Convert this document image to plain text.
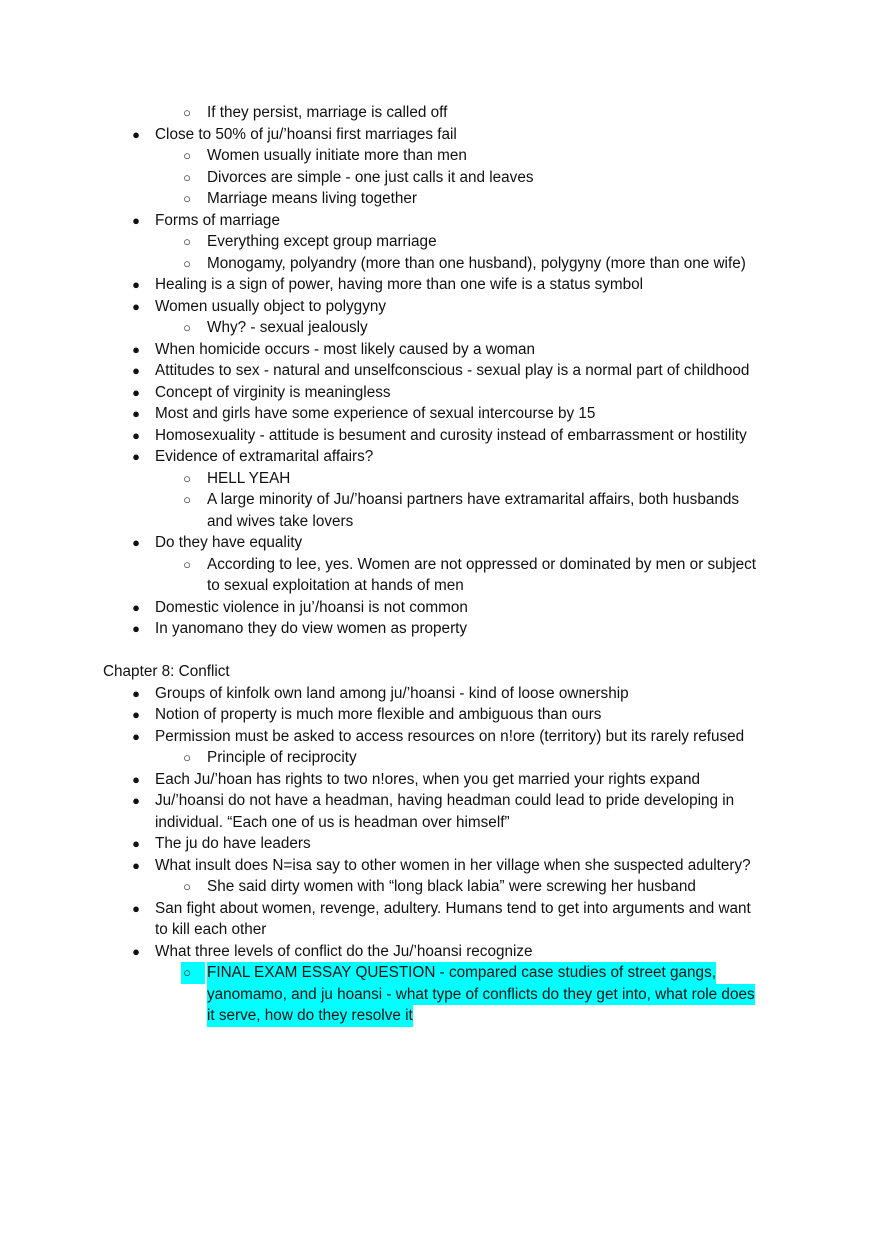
○ If they persist, marriage is called off
● Close to 50% of ju/’hoansi first marriages fail
○ Women usually initiate more than men
○ Divorces are simple - one just calls it and leaves
○ Marriage means living together
● Forms of marriage
○ Everything except group marriage
○ Monogamy, polyandry (more than one husband), polygyny (more than one wife)
● Healing is a sign of power, having more than one wife is a status symbol
● Women usually object to polygyny
○ Why? - sexual jealously
● When homicide occurs - most likely caused by a woman
● Attitudes to sex - natural and unselfconscious - sexual play is a normal part of childhood
● Concept of virginity is meaningless
● Most and girls have some experience of sexual intercourse by 15
● Homosexuality - attitude is besument and curosity instead of embarrassment or hostility
● Evidence of extramarital affairs?
○ HELL YEAH
○ A large minority of Ju/’hoansi partners have extramarital affairs, both husbands
and wives take lovers
● Do they have equality
○ According to lee, yes. Women are not oppressed or dominated by men or subject
to sexual exploitation at hands of men
● Domestic violence in ju’/hoansi is not common
● In yanomano they do view women as property
Chapter 8: Conflict
● Groups of kinfolk own land among ju/’hoansi - kind of loose ownership
● Notion of property is much more flexible and ambiguous than ours
● Permission must be asked to access resources on n!ore (territory) but its rarely refused
○ Principle of reciprocity
● Each Ju/’hoan has rights to two n!ores, when you get married your rights expand
● Ju/’hoansi do not have a headman, having headman could lead to pride developing in
individual. “Each one of us is headman over himself”
● The ju do have leaders
● What insult does N=isa say to other women in her village when she suspected adultery?
○ She said dirty women with “long black labia” were screwing her husband
● San fight about women, revenge, adultery. Humans tend to get into arguments and want
to kill each other
● What three levels of conflict do the Ju/’hoansi recognize
○ FINAL EXAM ESSAY QUESTION - compared case studies of street gangs,
yanomamo, and ju hoansi - what type of conflicts do they get into, what role does
it serve, how do they resolve it
